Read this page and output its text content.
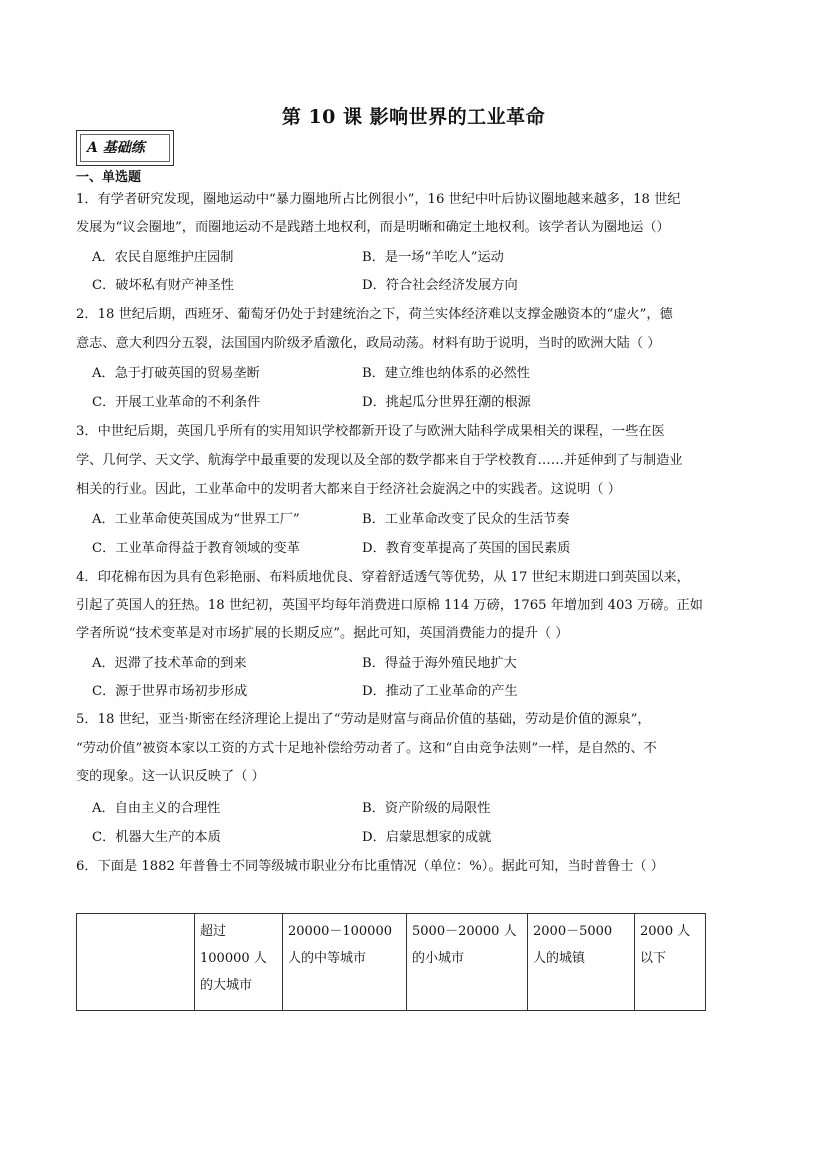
第 10 课 影响世界的工业革命
A 基础练
一、单选题
1．有学者研究发现，圈地运动中“暴力圈地所占比例很小”，16 世纪中叶后协议圈地越来越多，18 世纪
发展为“议会圈地”，而圈地运动不是践踏土地权利，而是明晰和确定土地权利。该学者认为圈地运（）
A．农民自愿维护庄园制	B．是一场“羊吃人”运动
C．破坏私有财产神圣性	D．符合社会经济发展方向
2．18 世纪后期，西班牙、葡萄牙仍处于封建统治之下，荷兰实体经济难以支撑金融资本的“虚火”，德
意志、意大利四分五裂，法国国内阶级矛盾激化，政局动荡。材料有助于说明，当时的欧洲大陆（ ）
A．急于打破英国的贸易垄断	B．建立维也纳体系的必然性
C．开展工业革命的不利条件	D．挑起瓜分世界狂潮的根源
3．中世纪后期，英国几乎所有的实用知识学校都新开设了与欧洲大陆科学成果相关的课程，一些在医
学、几何学、天文学、航海学中最重要的发现以及全部的数学都来自于学校教育……并延伸到了与制造业
相关的行业。因此，工业革命中的发明者大都来自于经济社会旋涡之中的实践者。这说明（ ）
A．工业革命使英国成为“世界工厂”	B．工业革命改变了民众的生活节奏
C．工业革命得益于教育领域的变革	D．教育变革提高了英国的国民素质
4．印花棉布因为具有色彩艳丽、布料质地优良、穿着舒适透气等优势，从 17 世纪末期进口到英国以来，
引起了英国人的狂热。18 世纪初，英国平均每年消费进口原棉 114 万磅，1765 年增加到 403 万磅。正如
学者所说“技术变革是对市场扩展的长期反应”。据此可知，英国消费能力的提升（ ）
A．迟滞了技术革命的到来	B．得益于海外殖民地扩大
C．源于世界市场初步形成	D．推动了工业革命的产生
5．18 世纪，亚当·斯密在经济理论上提出了“劳动是财富与商品价值的基础，劳动是价值的源泉”，
“劳动价值”被资本家以工资的方式十足地补偿给劳动者了。这和“自由竞争法则”一样，是自然的、不
变的现象。这一认识反映了（ ）
A．自由主义的合理性	B．资产阶级的局限性
C．机器大生产的本质	D．启蒙思想家的成就
6．下面是 1882 年普鲁士不同等级城市职业分布比重情况（单位：%）。据此可知，当时普鲁士（ ）
	超过 100000 人的大城市	20000－100000 人的中等城市	5000－20000 人的小城市	2000－5000 人的城镇	2000 人以下
